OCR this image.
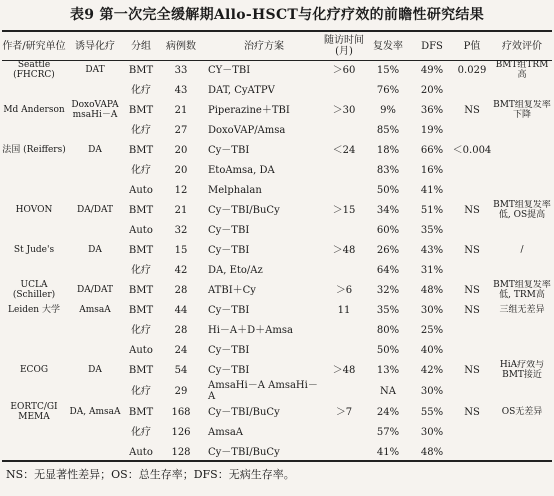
表9 第一次完全缓解期Allo-HSCT与化疗疗效的前瞻性研究结果
作者/研究单位	诱导化疗	分组	病例数	治疗方案	随访时间(月)	复发率	DFS	P值	疗效评价
Seattle (FHCRC)	DAT	BMT	33	CY－TBI	＞60	15%	49%	0.029	BMT组TRM高
		化疗	43	DAT, CyATPV		76%	20%		
Md Anderson	DoxoVAPA msaHi－A	BMT	21	Piperazine＋TBI	＞30	9%	36%	NS	BMT组复发率下降
		化疗	27	DoxoVAP/Amsa		85%	19%		
法国 (Reiffers)	DA	BMT	20	Cy－TBI	＜24	18%	66%	＜0.004	
		化疗	20	EtoAmsa, DA		83%	16%		
		Auto	12	Melphalan		50%	41%		
HOVON	DA/DAT	BMT	21	Cy－TBI/BuCy	＞15	34%	51%	NS	BMT组复发率低, OS提高
		Auto	32	Cy－TBI		60%	35%		
St Jude's	DA	BMT	15	Cy－TBI	＞48	26%	43%	NS	/
		化疗	42	DA, Eto/Az		64%	31%		
UCLA (Schiller)	DA/DAT	BMT	28	ATBI＋Cy	＞6	32%	48%	NS	BMT组复发率低, TRM高
Leiden 大学	AmsaA	BMT	44	Cy－TBI	11	35%	30%	NS	三组无差异
		化疗	28	Hi－A＋D＋Amsa		80%	25%		
		Auto	24	Cy－TBI		50%	40%		
ECOG	DA	BMT	54	Cy－TBI	＞48	13%	42%	NS	HiA疗效与BMT接近
		化疗	29	AmsaHi－A AmsaHi－A		NA	30%		
EORTC/GI MEMA	DA, AmsaA	BMT	168	Cy－TBI/BuCy	＞7	24%	55%	NS	OS无差异
		化疗	126	AmsaA		57%	30%		
		Auto	128	Cy－TBI/BuCy		41%	48%		
NS：无显著性差异；OS：总生存率；DFS：无病生存率。
